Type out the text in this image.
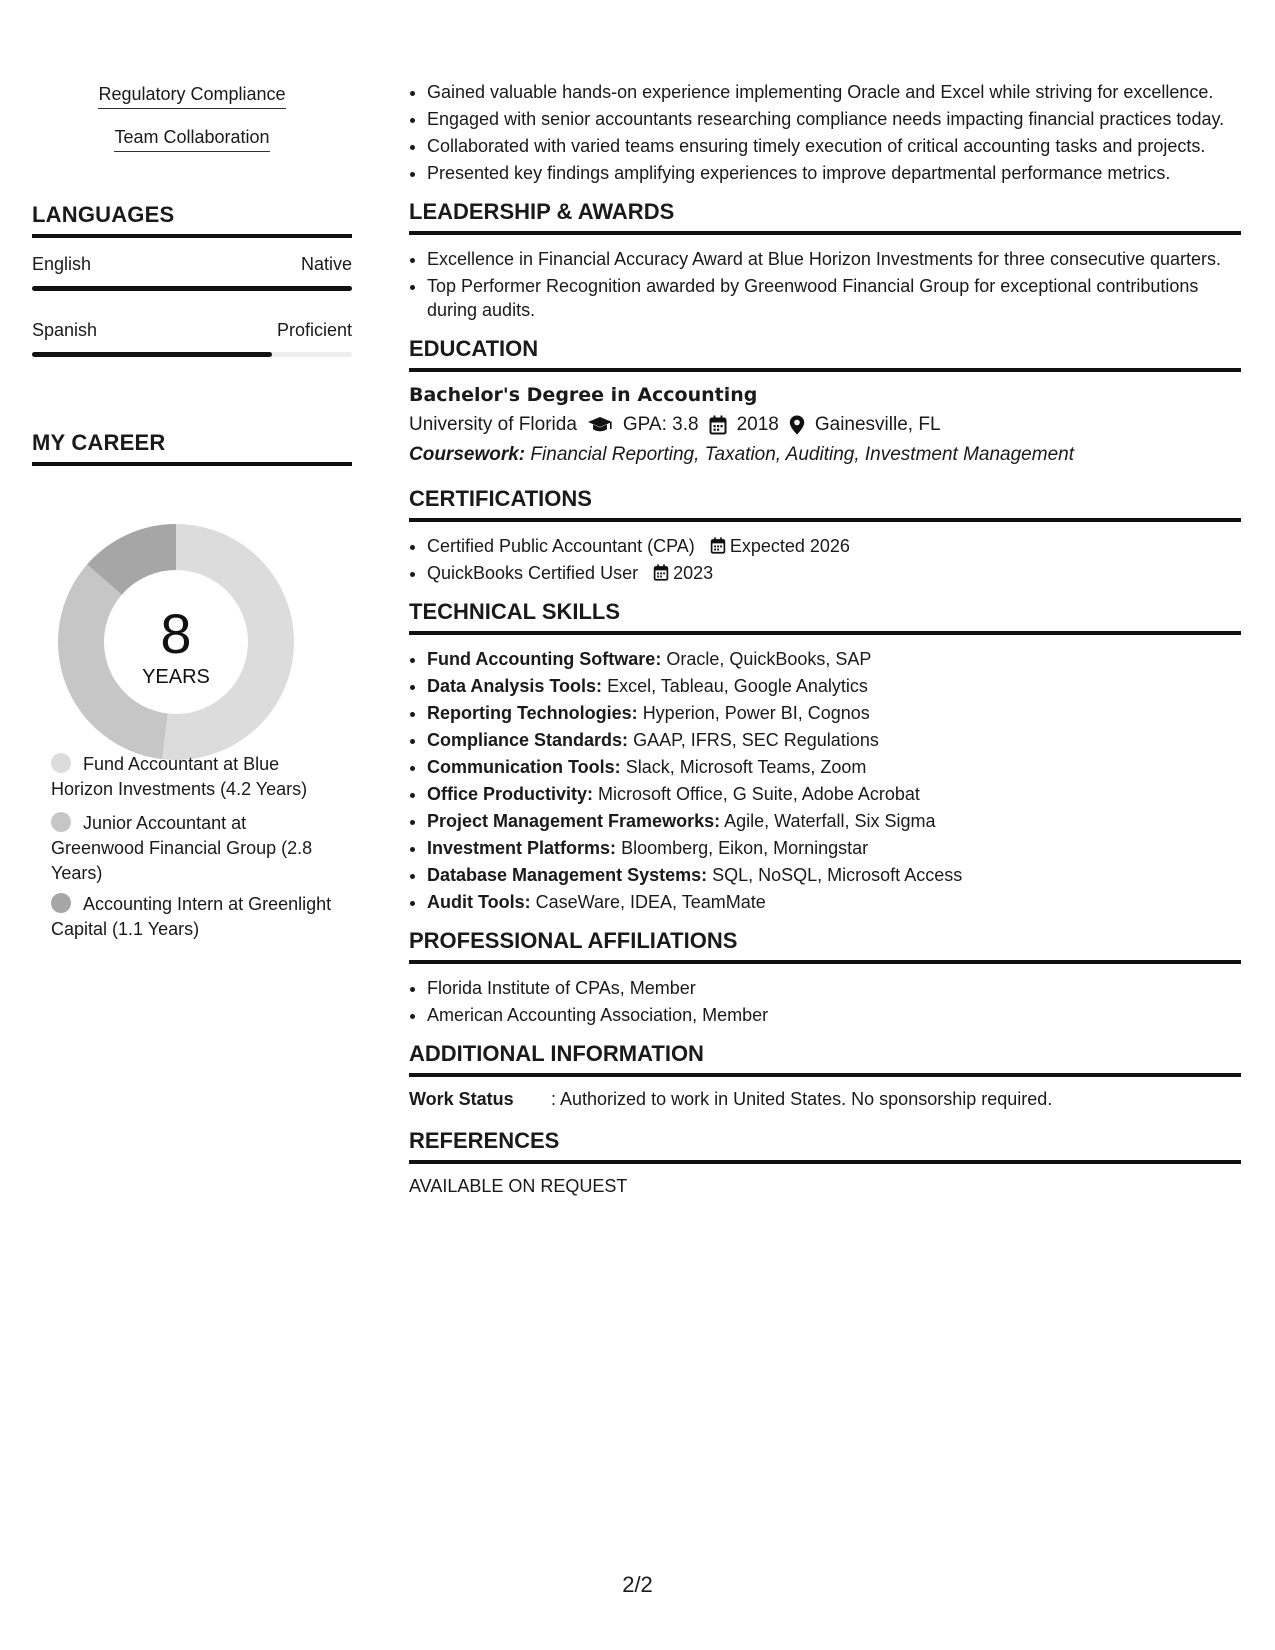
Regulatory Compliance
Team Collaboration
LANGUAGES
English	Native
Spanish	Proficient
MY CAREER
8
YEARS
Fund Accountant at Blue Horizon Investments (4.2 Years)
Junior Accountant at Greenwood Financial Group (2.8 Years)
Accounting Intern at Greenlight Capital (1.1 Years)
• Gained valuable hands-on experience implementing Oracle and Excel while striving for excellence.
• Engaged with senior accountants researching compliance needs impacting financial practices today.
• Collaborated with varied teams ensuring timely execution of critical accounting tasks and projects.
• Presented key findings amplifying experiences to improve departmental performance metrics.
LEADERSHIP & AWARDS
• Excellence in Financial Accuracy Award at Blue Horizon Investments for three consecutive quarters.
• Top Performer Recognition awarded by Greenwood Financial Group for exceptional contributions during audits.
EDUCATION
Bachelor's Degree in Accounting
University of Florida GPA: 3.8 2018 Gainesville, FL
Coursework: Financial Reporting, Taxation, Auditing, Investment Management
CERTIFICATIONS
• Certified Public Accountant (CPA) Expected 2026
• QuickBooks Certified User 2023
TECHNICAL SKILLS
• Fund Accounting Software: Oracle, QuickBooks, SAP
• Data Analysis Tools: Excel, Tableau, Google Analytics
• Reporting Technologies: Hyperion, Power BI, Cognos
• Compliance Standards: GAAP, IFRS, SEC Regulations
• Communication Tools: Slack, Microsoft Teams, Zoom
• Office Productivity: Microsoft Office, G Suite, Adobe Acrobat
• Project Management Frameworks: Agile, Waterfall, Six Sigma
• Investment Platforms: Bloomberg, Eikon, Morningstar
• Database Management Systems: SQL, NoSQL, Microsoft Access
• Audit Tools: CaseWare, IDEA, TeamMate
PROFESSIONAL AFFILIATIONS
• Florida Institute of CPAs, Member
• American Accounting Association, Member
ADDITIONAL INFORMATION
Work Status : Authorized to work in United States. No sponsorship required.
REFERENCES
AVAILABLE ON REQUEST
2/2
